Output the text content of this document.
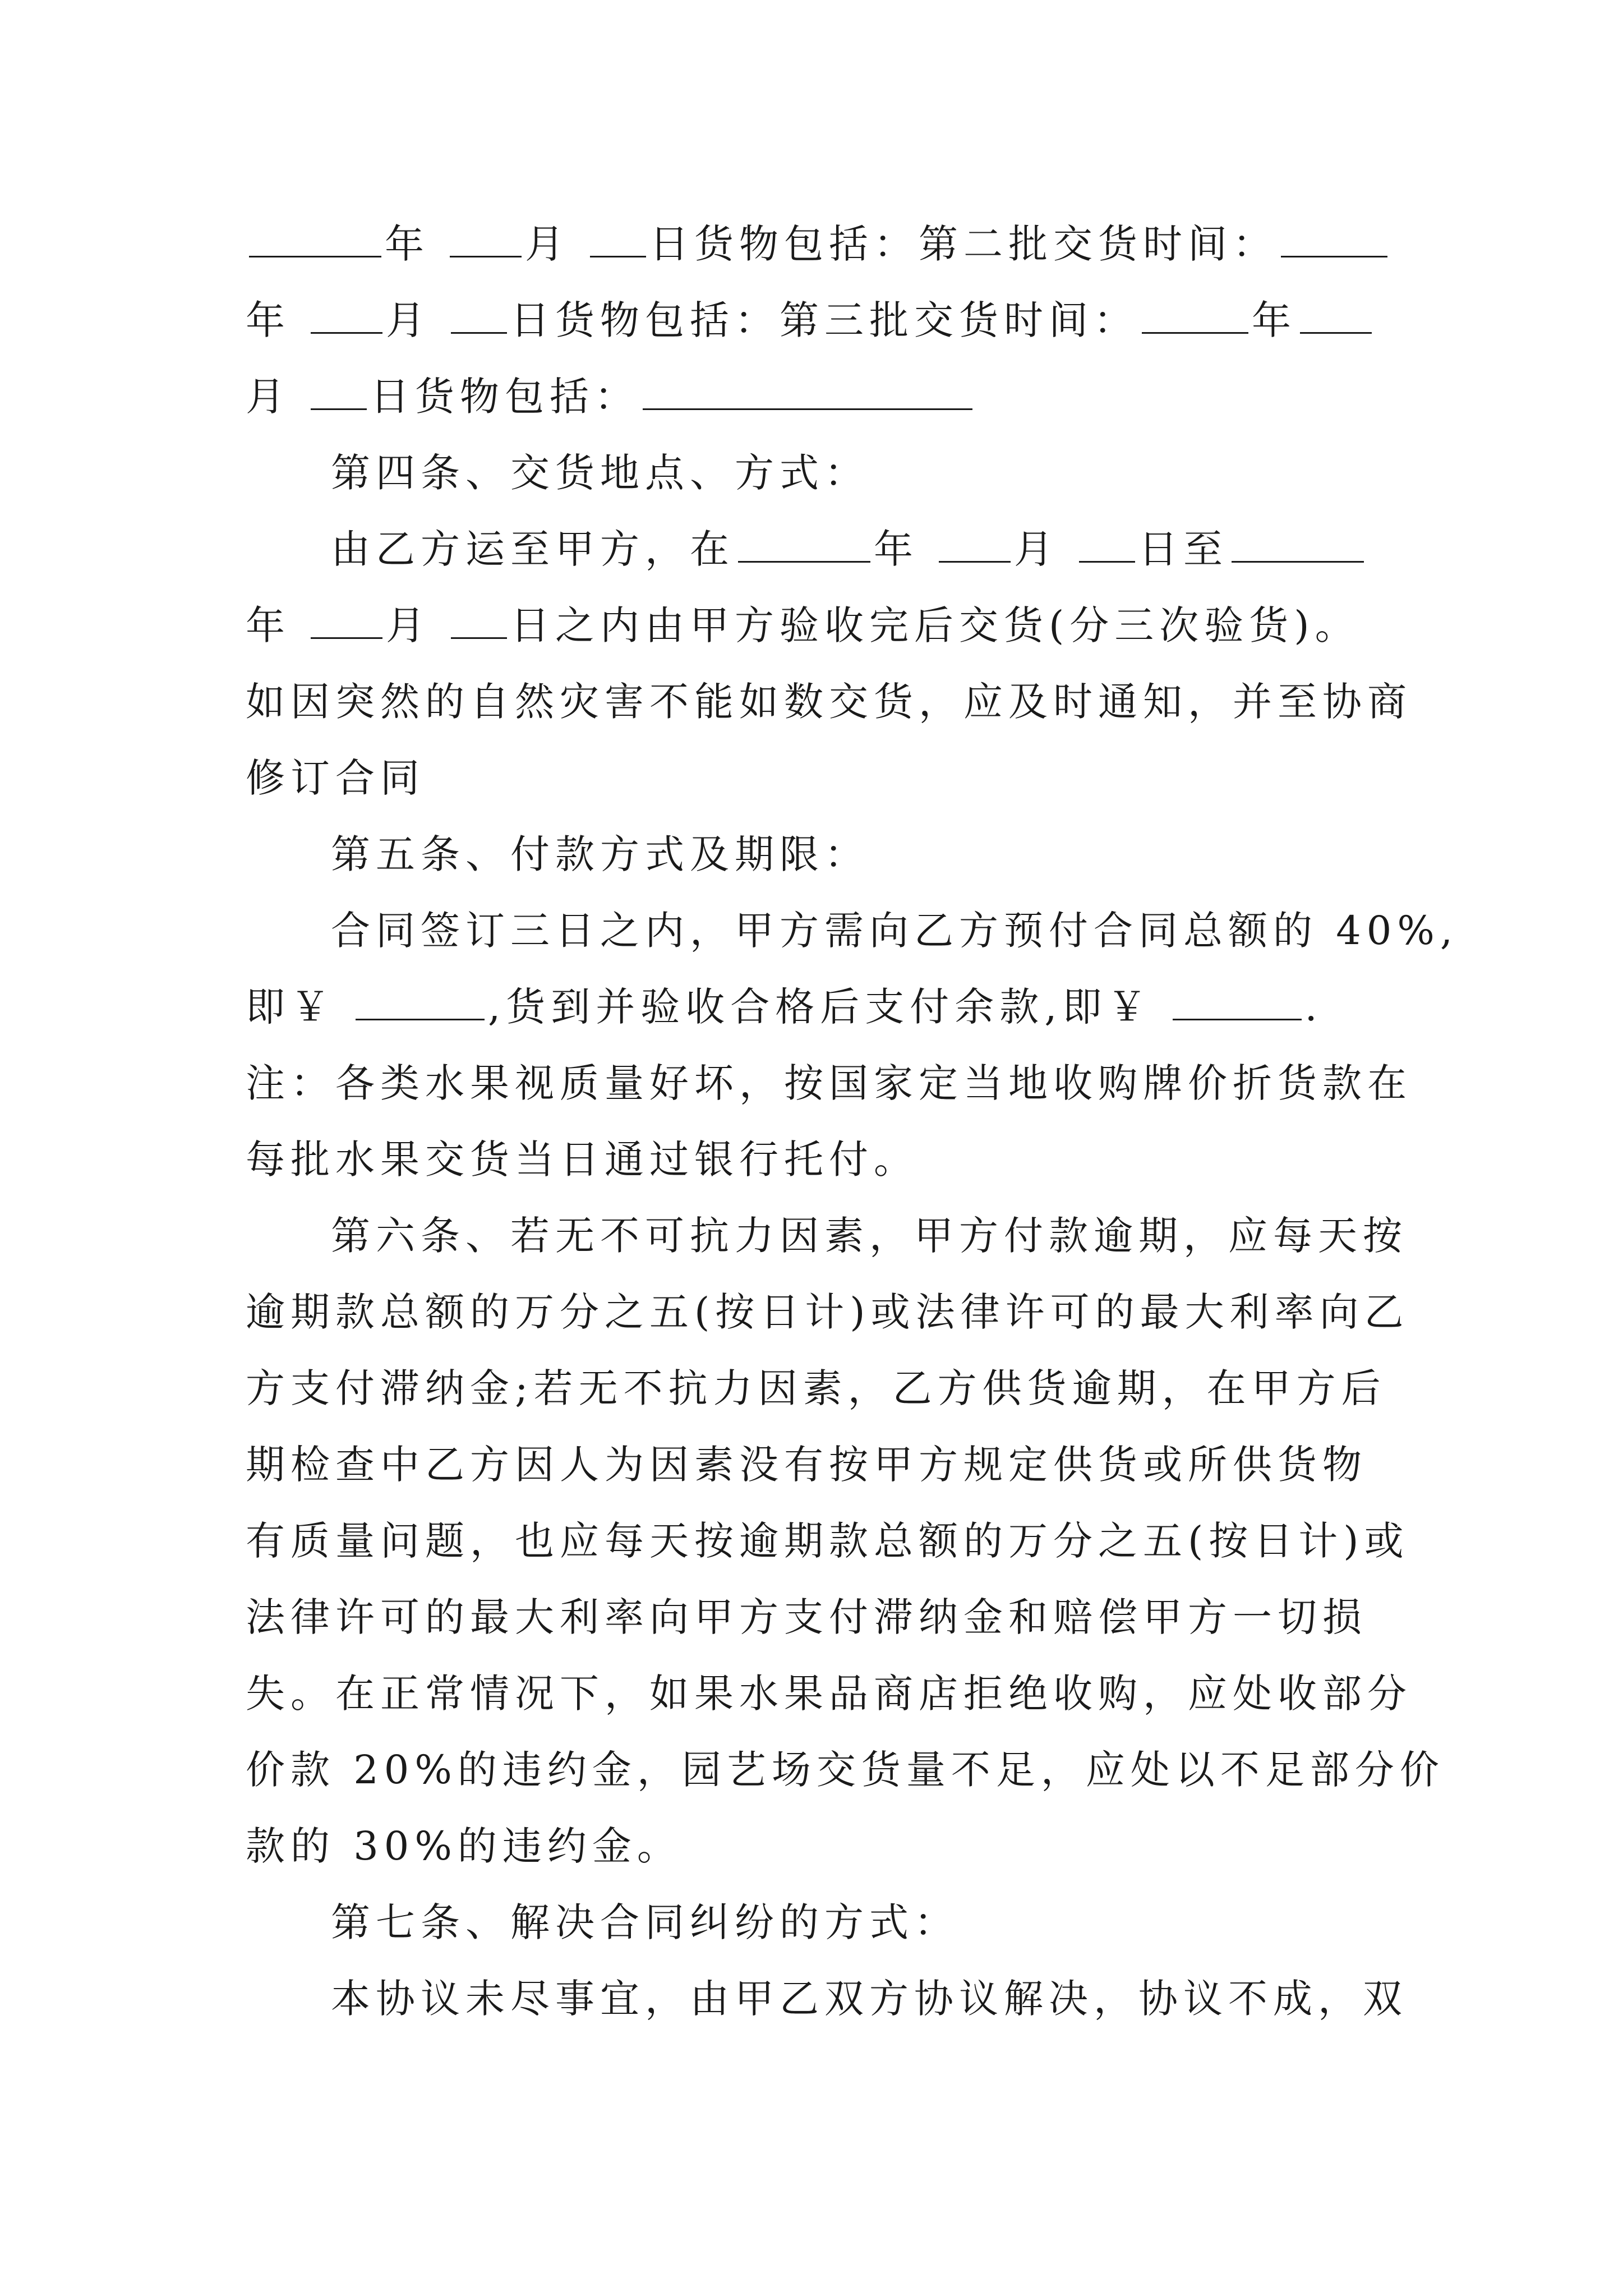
年 月 日货物包括：第二批交货时间：
年 月 日货物包括：第三批交货时间：	年
月 日货物包括：
第四条、交货地点、方式：
由乙方运至甲方，在	年 月 日至
年 月 日之内由甲方验收完后交货(分三次验货)。
如因突然的自然灾害不能如数交货，应及时通知，并至协商
修订合同
第五条、付款方式及期限：
合同签订三日之内，甲方需向乙方预付合同总额的 40%,
即￥	,货到并验收合格后支付余款,即￥	.
注：各类水果视质量好坏，按国家定当地收购牌价折货款在
每批水果交货当日通过银行托付。
第六条、若无不可抗力因素，甲方付款逾期，应每天按
逾期款总额的万分之五(按日计)或法律许可的最大利率向乙
方支付滞纳金;若无不抗力因素，乙方供货逾期，在甲方后
期检查中乙方因人为因素没有按甲方规定供货或所供货物
有质量问题，也应每天按逾期款总额的万分之五(按日计)或
法律许可的最大利率向甲方支付滞纳金和赔偿甲方一切损
失。在正常情况下，如果水果品商店拒绝收购，应处收部分
价款 20%的违约金，园艺场交货量不足，应处以不足部分价
款的 30%的违约金。
第七条、解决合同纠纷的方式：
本协议未尽事宜，由甲乙双方协议解决，协议不成，双
